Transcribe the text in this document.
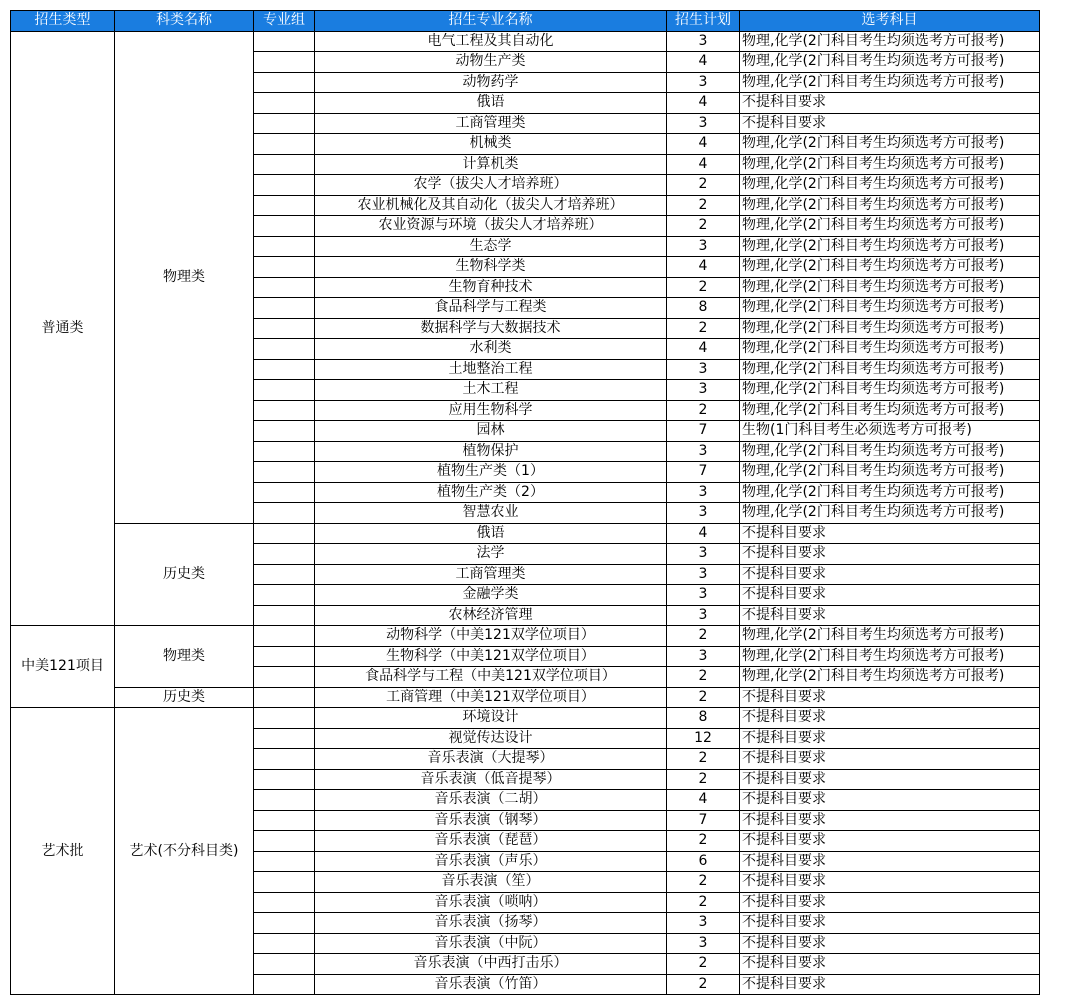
招生类型	科类名称	专业组	招生专业名称	招生计划	选考科目
普通类	物理类		电气工程及其自动化	3	物理,化学(2门科目考生均须选考方可报考)
			动物生产类	4	物理,化学(2门科目考生均须选考方可报考)
			动物药学	3	物理,化学(2门科目考生均须选考方可报考)
			俄语	4	不提科目要求
			工商管理类	3	不提科目要求
			机械类	4	物理,化学(2门科目考生均须选考方可报考)
			计算机类	4	物理,化学(2门科目考生均须选考方可报考)
			农学（拔尖人才培养班）	2	物理,化学(2门科目考生均须选考方可报考)
			农业机械化及其自动化（拔尖人才培养班）	2	物理,化学(2门科目考生均须选考方可报考)
			农业资源与环境（拔尖人才培养班）	2	物理,化学(2门科目考生均须选考方可报考)
			生态学	3	物理,化学(2门科目考生均须选考方可报考)
			生物科学类	4	物理,化学(2门科目考生均须选考方可报考)
			生物育种技术	2	物理,化学(2门科目考生均须选考方可报考)
			食品科学与工程类	8	物理,化学(2门科目考生均须选考方可报考)
			数据科学与大数据技术	2	物理,化学(2门科目考生均须选考方可报考)
			水利类	4	物理,化学(2门科目考生均须选考方可报考)
			土地整治工程	3	物理,化学(2门科目考生均须选考方可报考)
			土木工程	3	物理,化学(2门科目考生均须选考方可报考)
			应用生物科学	2	物理,化学(2门科目考生均须选考方可报考)
			园林	7	生物(1门科目考生必须选考方可报考)
			植物保护	3	物理,化学(2门科目考生均须选考方可报考)
			植物生产类（1）	7	物理,化学(2门科目考生均须选考方可报考)
			植物生产类（2）	3	物理,化学(2门科目考生均须选考方可报考)
			智慧农业	3	物理,化学(2门科目考生均须选考方可报考)
	历史类		俄语	4	不提科目要求
			法学	3	不提科目要求
			工商管理类	3	不提科目要求
			金融学类	3	不提科目要求
			农林经济管理	3	不提科目要求
中美121项目	物理类		动物科学（中美121双学位项目）	2	物理,化学(2门科目考生均须选考方可报考)
			生物科学（中美121双学位项目）	3	物理,化学(2门科目考生均须选考方可报考)
			食品科学与工程（中美121双学位项目）	2	物理,化学(2门科目考生均须选考方可报考)
	历史类		工商管理（中美121双学位项目）	2	不提科目要求
艺术批	艺术(不分科目类)		环境设计	8	不提科目要求
			视觉传达设计	12	不提科目要求
			音乐表演（大提琴）	2	不提科目要求
			音乐表演（低音提琴）	2	不提科目要求
			音乐表演（二胡）	4	不提科目要求
			音乐表演（钢琴）	7	不提科目要求
			音乐表演（琵琶）	2	不提科目要求
			音乐表演（声乐）	6	不提科目要求
			音乐表演（笙）	2	不提科目要求
			音乐表演（唢呐）	2	不提科目要求
			音乐表演（扬琴）	3	不提科目要求
			音乐表演（中阮）	3	不提科目要求
			音乐表演（中西打击乐）	2	不提科目要求
			音乐表演（竹笛）	2	不提科目要求
